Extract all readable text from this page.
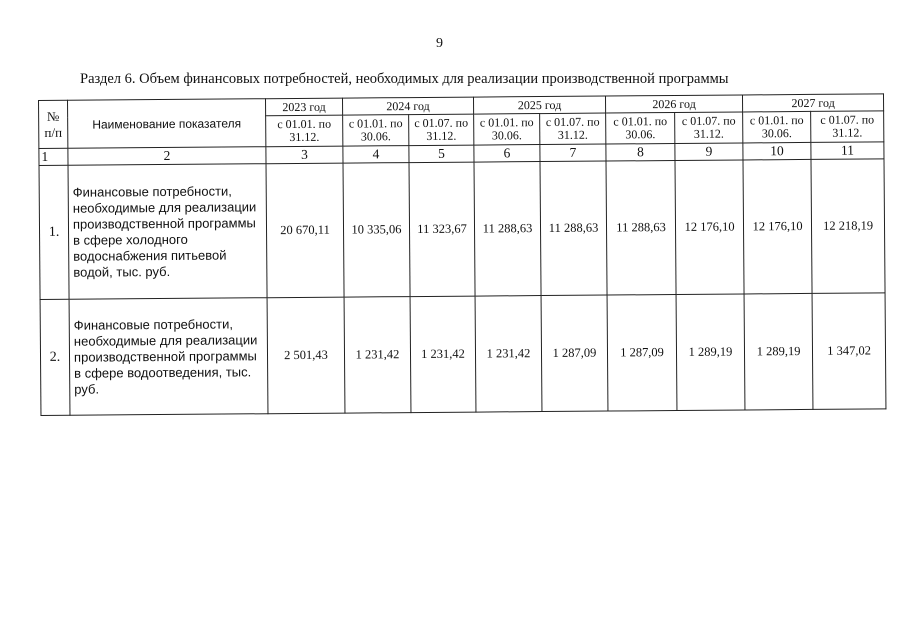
9
Раздел 6. Объем финансовых потребностей, необходимых для реализации производственной программы
№ п/п	Наименование показателя	2023 год	2024 год		2025 год		2026 год		2027 год	
		с 01.01. по 31.12.	с 01.01. по 30.06.	с 01.07. по 31.12.	с 01.01. по 30.06.	с 01.07. по 31.12.	с 01.01. по 30.06.	с 01.07. по 31.12.	с 01.01. по 30.06.	с 01.07. по 31.12.
1	2	3	4	5	6	7	8	9	10	11
1.	Финансовые потребности, необходимые для реализации производственной программы в сфере холодного водоснабжения питьевой водой, тыс. руб.	20 670,11	10 335,06	11 323,67	11 288,63	11 288,63	11 288,63	12 176,10	12 176,10	12 218,19
2.	Финансовые потребности, необходимые для реализации производственной программы в сфере водоотведения, тыс. руб.	2 501,43	1 231,42	1 231,42	1 231,42	1 287,09	1 287,09	1 289,19	1 289,19	1 347,02
